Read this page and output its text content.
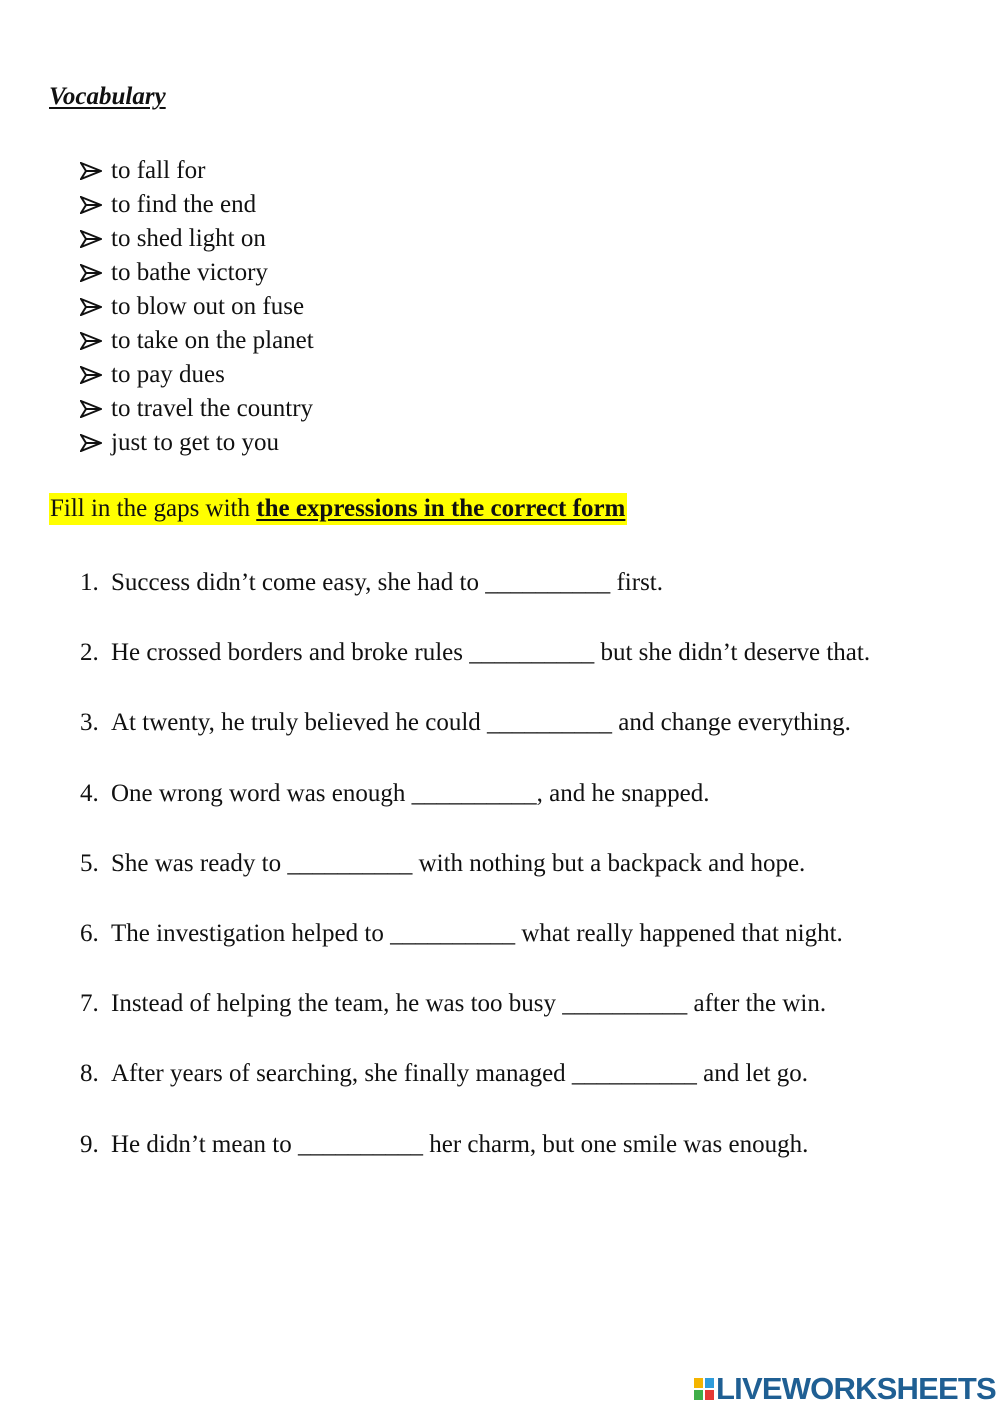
Vocabulary
to fall for
to find the end
to shed light on
to bathe victory
to blow out on fuse
to take on the planet
to pay dues
to travel the country
just to get to you
Fill in the gaps with the expressions in the correct form
1. Success didn’t come easy, she had to __________ first.
2. He crossed borders and broke rules __________ but she didn’t deserve that.
3. At twenty, he truly believed he could __________ and change everything.
4. One wrong word was enough __________, and he snapped.
5. She was ready to __________ with nothing but a backpack and hope.
6. The investigation helped to __________ what really happened that night.
7. Instead of helping the team, he was too busy __________ after the win.
8. After years of searching, she finally managed __________ and let go.
9. He didn’t mean to __________ her charm, but one smile was enough.
LIVEWORKSHEETS
